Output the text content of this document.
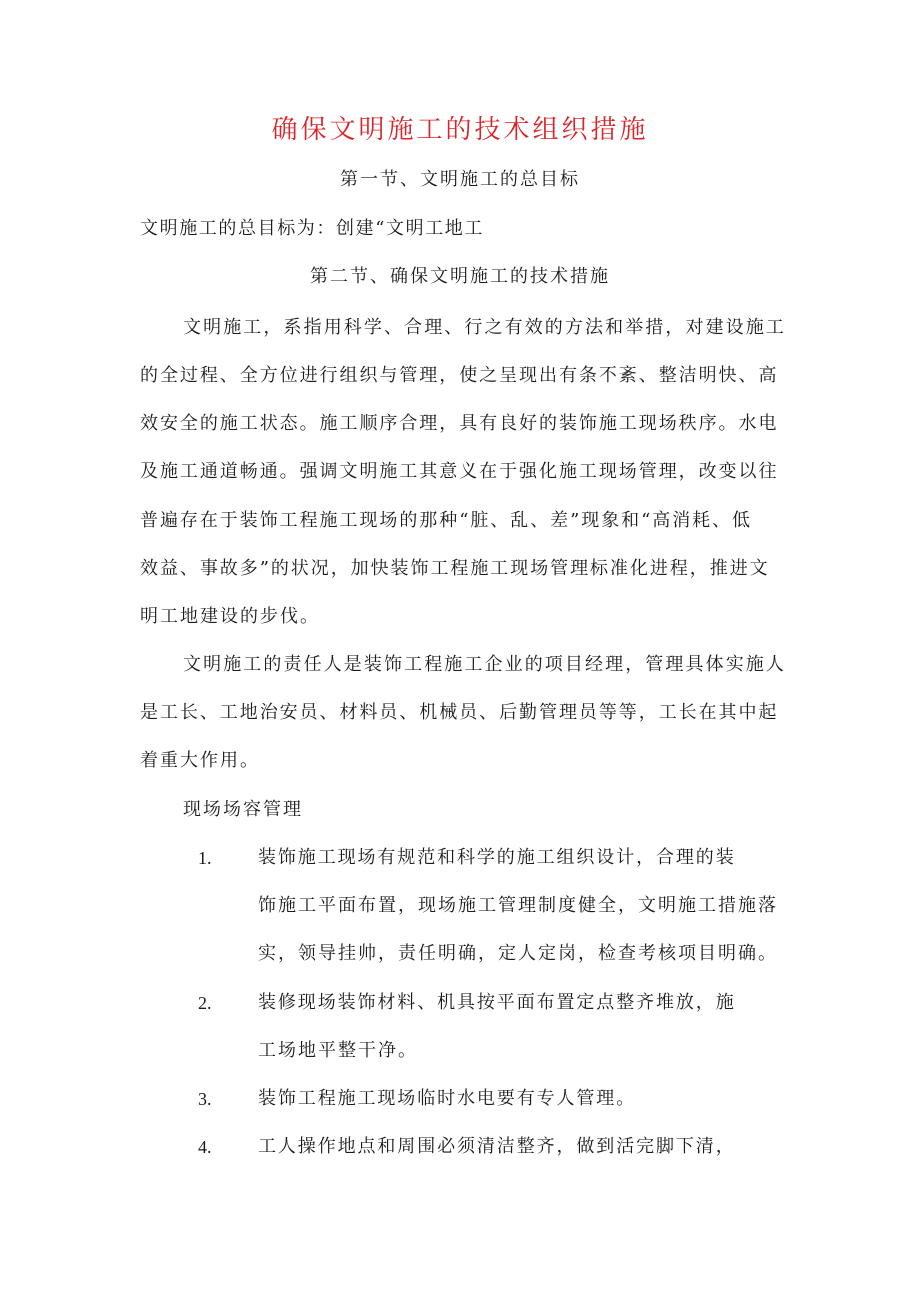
确保文明施工的技术组织措施
第一节、文明施工的总目标
文明施工的总目标为：创建“文明工地工
第二节、确保文明施工的技术措施
文明施工，系指用科学、合理、行之有效的方法和举措，对建设施工
的全过程、全方位进行组织与管理，使之呈现出有条不紊、整洁明快、高
效安全的施工状态。施工顺序合理，具有良好的装饰施工现场秩序。水电
及施工通道畅通。强调文明施工其意义在于强化施工现场管理，改变以往
普遍存在于装饰工程施工现场的那种“脏、乱、差”现象和“高消耗、低
效益、事故多”的状况，加快装饰工程施工现场管理标准化进程，推进文
明工地建设的步伐。
文明施工的责任人是装饰工程施工企业的项目经理，管理具体实施人
是工长、工地治安员、材料员、机械员、后勤管理员等等，工长在其中起
着重大作用。
现场场容管理
1.	装饰施工现场有规范和科学的施工组织设计，合理的装
饰施工平面布置，现场施工管理制度健全，文明施工措施落
实，领导挂帅，责任明确，定人定岗，检查考核项目明确。
2.	装修现场装饰材料、机具按平面布置定点整齐堆放，施
工场地平整干净。
3.	装饰工程施工现场临时水电要有专人管理。
4.	工人操作地点和周围必须清洁整齐，做到活完脚下清，
